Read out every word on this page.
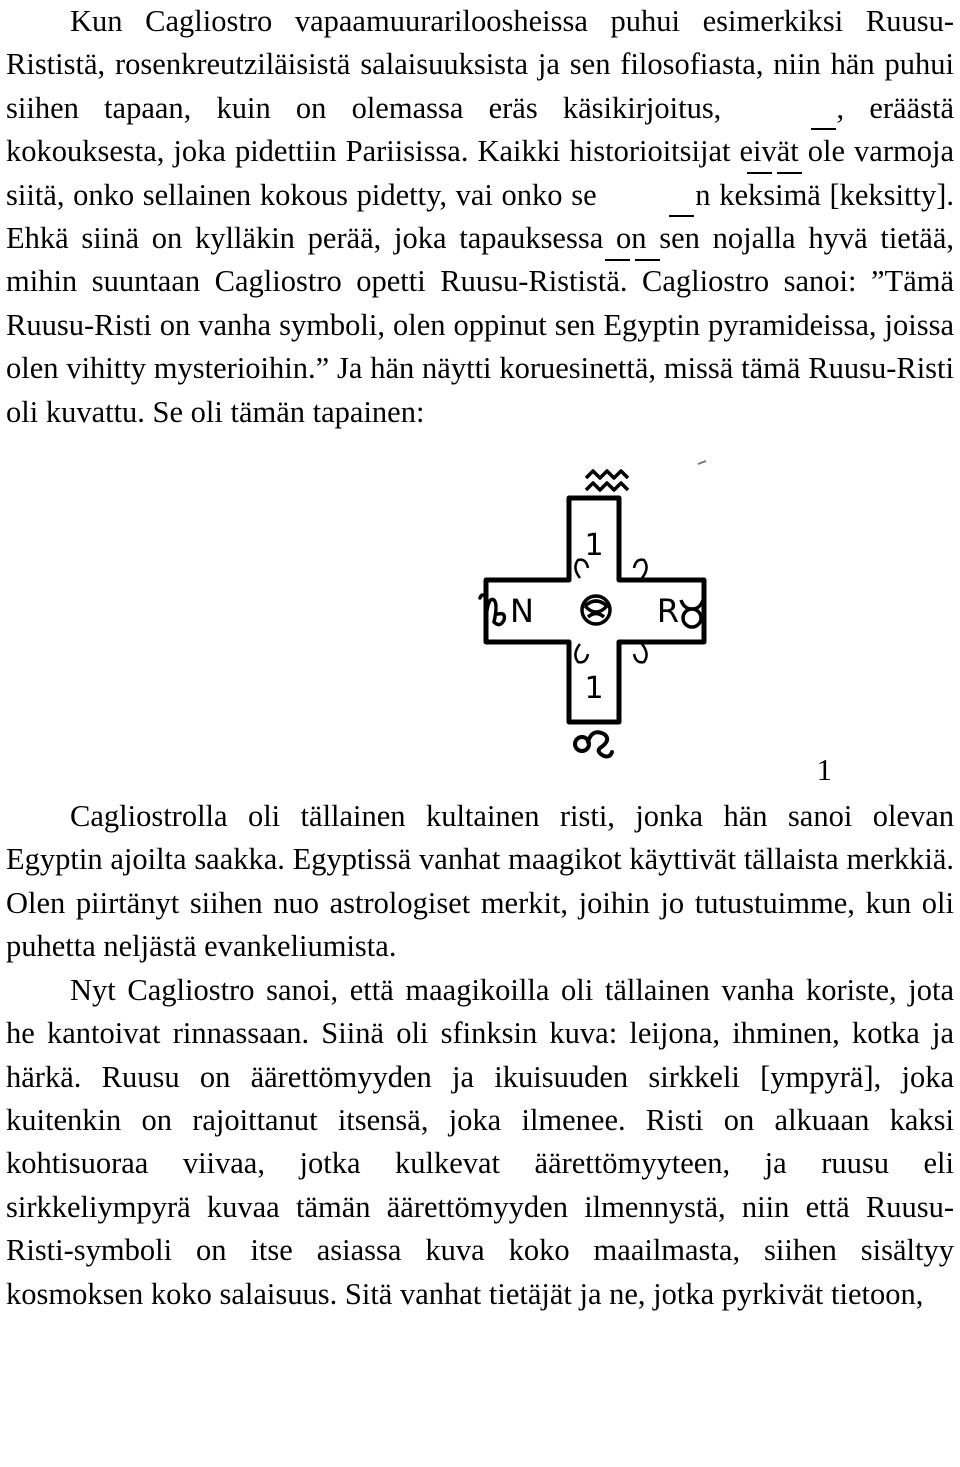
Kun Cagliostro vapaamuurariloosheissa puhui esimerkiksi Ruusu-Rististä, rosenkreutziläisistä salaisuuksista ja sen filosofiasta, niin hän puhui siihen tapaan, kuin on olemassa eräs käsikirjoitus,	, eräästä kokouksesta, joka pidettiin Pariisissa. Kaikki historioitsijat eivät ole varmoja siitä, onko sellainen kokous pidetty, vai onko se	n keksimä [keksitty]. Ehkä siinä on kylläkin perää, joka tapauksessa on sen nojalla hyvä tietää, mihin suuntaan Cagliostro opetti Ruusu-Rististä. Cagliostro sanoi: ”Tämä Ruusu-Risti on vanha symboli, olen oppinut sen Egyptin pyramideissa, joissa olen vihitty mysterioihin.” Ja hän näytti koruesinettä, missä tämä Ruusu-Risti oli kuvattu. Se oli tämän tapainen:

1
N	R
1
1

Cagliostrolla oli tällainen kultainen risti, jonka hän sanoi olevan Egyptin ajoilta saakka. Egyptissä vanhat maagikot käyttivät tällaista merkkiä. Olen piirtänyt siihen nuo astrologiset merkit, joihin jo tutustuimme, kun oli puhetta neljästä evankeliumista.

Nyt Cagliostro sanoi, että maagikoilla oli tällainen vanha koriste, jota he kantoivat rinnassaan. Siinä oli sfinksin kuva: leijona, ihminen, kotka ja härkä. Ruusu on äärettömyyden ja ikuisuuden sirkkeli [ympyrä], joka kuitenkin on rajoittanut itsensä, joka ilmenee. Risti on alkuaan kaksi kohtisuoraa viivaa, jotka kulkevat äärettömyyteen, ja ruusu eli sirkkeliympyrä kuvaa tämän äärettömyyden ilmennystä, niin että Ruusu-Risti-symboli on itse asiassa kuva koko maailmasta, siihen sisältyy kosmoksen koko salaisuus. Sitä vanhat tietäjät ja ne, jotka pyrkivät tietoon,
